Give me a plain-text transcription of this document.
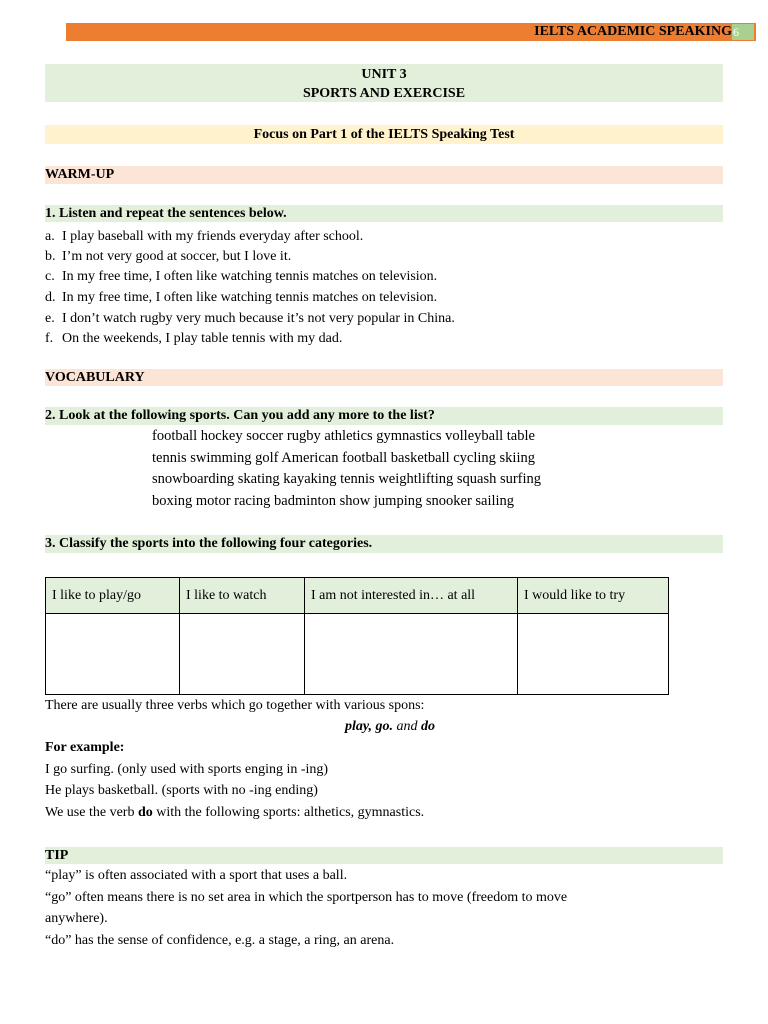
IELTS ACADEMIC SPEAKING 6
UNIT 3
SPORTS AND EXERCISE
Focus on Part 1 of the IELTS Speaking Test
WARM-UP
1. Listen and repeat the sentences below.
a. I play baseball with my friends everyday after school.
b. I’m not very good at soccer, but I love it.
c. In my free time, I often like watching tennis matches on television.
d. In my free time, I often like watching tennis matches on television.
e. I don’t watch rugby very much because it’s not very popular in China.
f. On the weekends, I play table tennis with my dad.
VOCABULARY
2. Look at the following sports. Can you add any more to the list?
football hockey soccer rugby athletics gymnastics volleyball table
tennis swimming golf American football basketball cycling skiing
snowboarding skating kayaking tennis weightlifting squash surfing
boxing motor racing badminton show jumping snooker sailing
3. Classify the sports into the following four categories.
I like to play/go	I like to watch	I am not interested in… at all	I would like to try

There are usually three verbs which go together with various spons:
play, go. and do
For example:
I go surfing. (only used with sports enging in -ing)
He plays basketball. (sports with no -ing ending)
We use the verb do with the following sports: althetics, gymnastics.
TIP
“play” is often associated with a sport that uses a ball.
“go” often means there is no set area in which the sportperson has to move (freedom to move
anywhere).
“do” has the sense of confidence, e.g. a stage, a ring, an arena.
